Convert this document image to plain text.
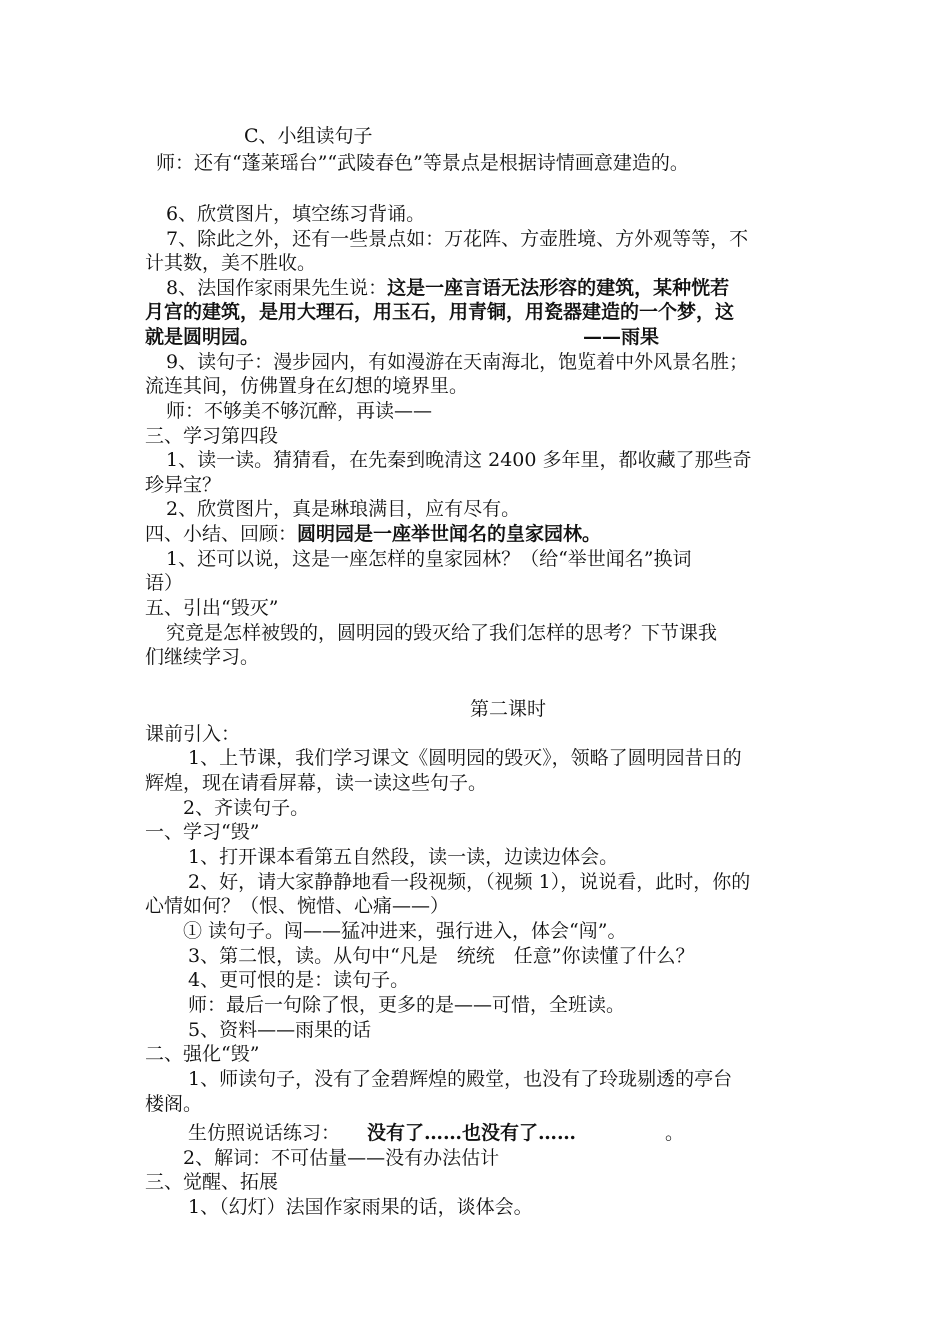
C、小组读句子
师：还有“蓬莱瑶台”“武陵春色”等景点是根据诗情画意建造的。
6、欣赏图片，填空练习背诵。
7、除此之外，还有一些景点如：万花阵、方壶胜境、方外观等等，不
计其数，美不胜收。
8、法国作家雨果先生说：这是一座言语无法形容的建筑，某种恍若
月宫的建筑，是用大理石，用玉石，用青铜，用瓷器建造的一个梦，这
就是圆明园。	——雨果
9、读句子：漫步园内，有如漫游在天南海北，饱览着中外风景名胜；
流连其间，仿佛置身在幻想的境界里。
师：不够美不够沉醉，再读——
三、学习第四段
1、读一读。猜猜看，在先秦到晚清这 2400 多年里，都收藏了那些奇
珍异宝？
2、欣赏图片，真是琳琅满目，应有尽有。
四、小结、回顾：圆明园是一座举世闻名的皇家园林。
1、还可以说，这是一座怎样的皇家园林？（给“举世闻名”换词
语）
五、引出“毁灭”
究竟是怎样被毁的，圆明园的毁灭给了我们怎样的思考？下节课我
们继续学习。
第二课时
课前引入：
1、上节课，我们学习课文《圆明园的毁灭》，领略了圆明园昔日的
辉煌，现在请看屏幕，读一读这些句子。
2、齐读句子。
一、学习“毁”
1、打开课本看第五自然段，读一读，边读边体会。
2、好，请大家静静地看一段视频，（视频 1），说说看，此时，你的
心情如何？（恨、惋惜、心痛——）
① 读句子。闯——猛冲进来，强行进入，体会“闯”。
3、第二恨，读。从句中“凡是　统统　任意”你读懂了什么？
4、更可恨的是：读句子。
师：最后一句除了恨，更多的是——可惜，全班读。
5、资料——雨果的话
二、强化“毁”
1、师读句子，没有了金碧辉煌的殿堂，也没有了玲珑剔透的亭台
楼阁。
生仿照说话练习： 没有了……也没有了……	。
2、解词：不可估量——没有办法估计
三、觉醒、拓展
1、（幻灯）法国作家雨果的话，谈体会。
